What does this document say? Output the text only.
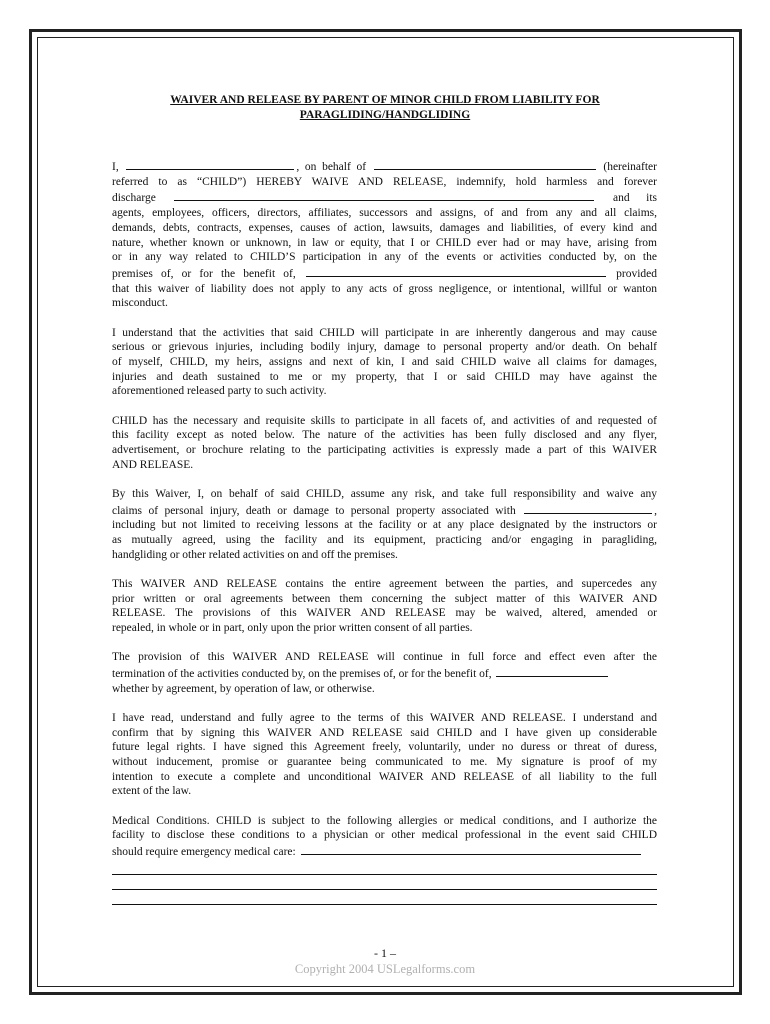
WAIVER AND RELEASE BY PARENT OF MINOR CHILD FROM LIABILITY FOR
PARAGLIDING/HANDGLIDING
I,	, on behalf of	(hereinafter
referred to as “CHILD”) HEREBY WAIVE AND RELEASE, indemnify, hold harmless and forever
discharge	and its
agents, employees, officers, directors, affiliates, successors and assigns, of and from any and all claims,
demands, debts, contracts, expenses, causes of action, lawsuits, damages and liabilities, of every kind and
nature, whether known or unknown, in law or equity, that I or CHILD ever had or may have, arising from
or in any way related to CHILD’S participation in any of the events or activities conducted by, on the
premises of, or for the benefit of,	provided
that this waiver of liability does not apply to any acts of gross negligence, or intentional, willful or wanton
misconduct.
I understand that the activities that said CHILD will participate in are inherently dangerous and may cause
serious or grievous injuries, including bodily injury, damage to personal property and/or death. On behalf
of myself, CHILD, my heirs, assigns and next of kin, I and said CHILD waive all claims for damages,
injuries and death sustained to me or my property, that I or said CHILD may have against the
aforementioned released party to such activity.
CHILD has the necessary and requisite skills to participate in all facets of, and activities of and requested of
this facility except as noted below. The nature of the activities has been fully disclosed and any flyer,
advertisement, or brochure relating to the participating activities is expressly made a part of this WAIVER
AND RELEASE.
By this Waiver, I, on behalf of said CHILD, assume any risk, and take full responsibility and waive any
claims of personal injury, death or damage to personal property associated with	,
including but not limited to receiving lessons at the facility or at any place designated by the instructors or
as mutually agreed, using the facility and its equipment, practicing and/or engaging in paragliding,
handgliding or other related activities on and off the premises.
This WAIVER AND RELEASE contains the entire agreement between the parties, and supercedes any
prior written or oral agreements between them concerning the subject matter of this WAIVER AND
RELEASE. The provisions of this WAIVER AND RELEASE may be waived, altered, amended or
repealed, in whole or in part, only upon the prior written consent of all parties.
The provision of this WAIVER AND RELEASE will continue in full force and effect even after the
termination of the activities conducted by, on the premises of, or for the benefit of,
whether by agreement, by operation of law, or otherwise.
I have read, understand and fully agree to the terms of this WAIVER AND RELEASE. I understand and
confirm that by signing this WAIVER AND RELEASE said CHILD and I have given up considerable
future legal rights. I have signed this Agreement freely, voluntarily, under no duress or threat of duress,
without inducement, promise or guarantee being communicated to me. My signature is proof of my
intention to execute a complete and unconditional WAIVER AND RELEASE of all liability to the full
extent of the law.
Medical Conditions. CHILD is subject to the following allergies or medical conditions, and I authorize the
facility to disclose these conditions to a physician or other medical professional in the event said CHILD
should require emergency medical care:
- 1 –
Copyright 2004 USLegalforms.com
